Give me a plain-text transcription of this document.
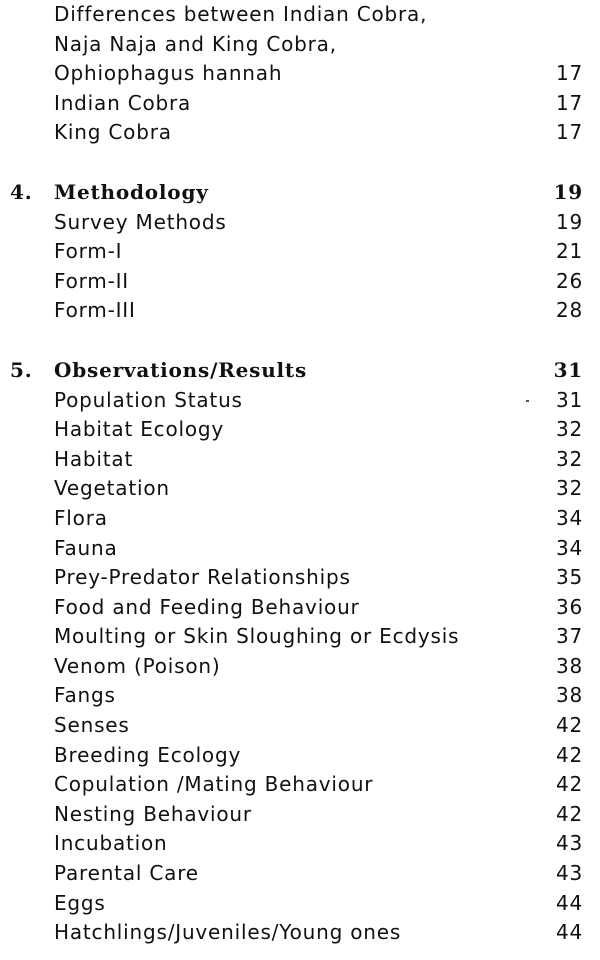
Differences between Indian Cobra,
Naja Naja and King Cobra,
Ophiophagus hannah	17
Indian Cobra	17
King Cobra	17
4. Methodology	19
Survey Methods	19
Form-I	21
Form-II	26
Form-III	28
5. Observations/Results	31
Population Status	31
Habitat Ecology	32
Habitat	32
Vegetation	32
Flora	34
Fauna	34
Prey-Predator Relationships	35
Food and Feeding Behaviour	36
Moulting or Skin Sloughing or Ecdysis	37
Venom (Poison)	38
Fangs	38
Senses	42
Breeding Ecology	42
Copulation /Mating Behaviour	42
Nesting Behaviour	42
Incubation	43
Parental Care	43
Eggs	44
Hatchlings/Juveniles/Young ones	44
